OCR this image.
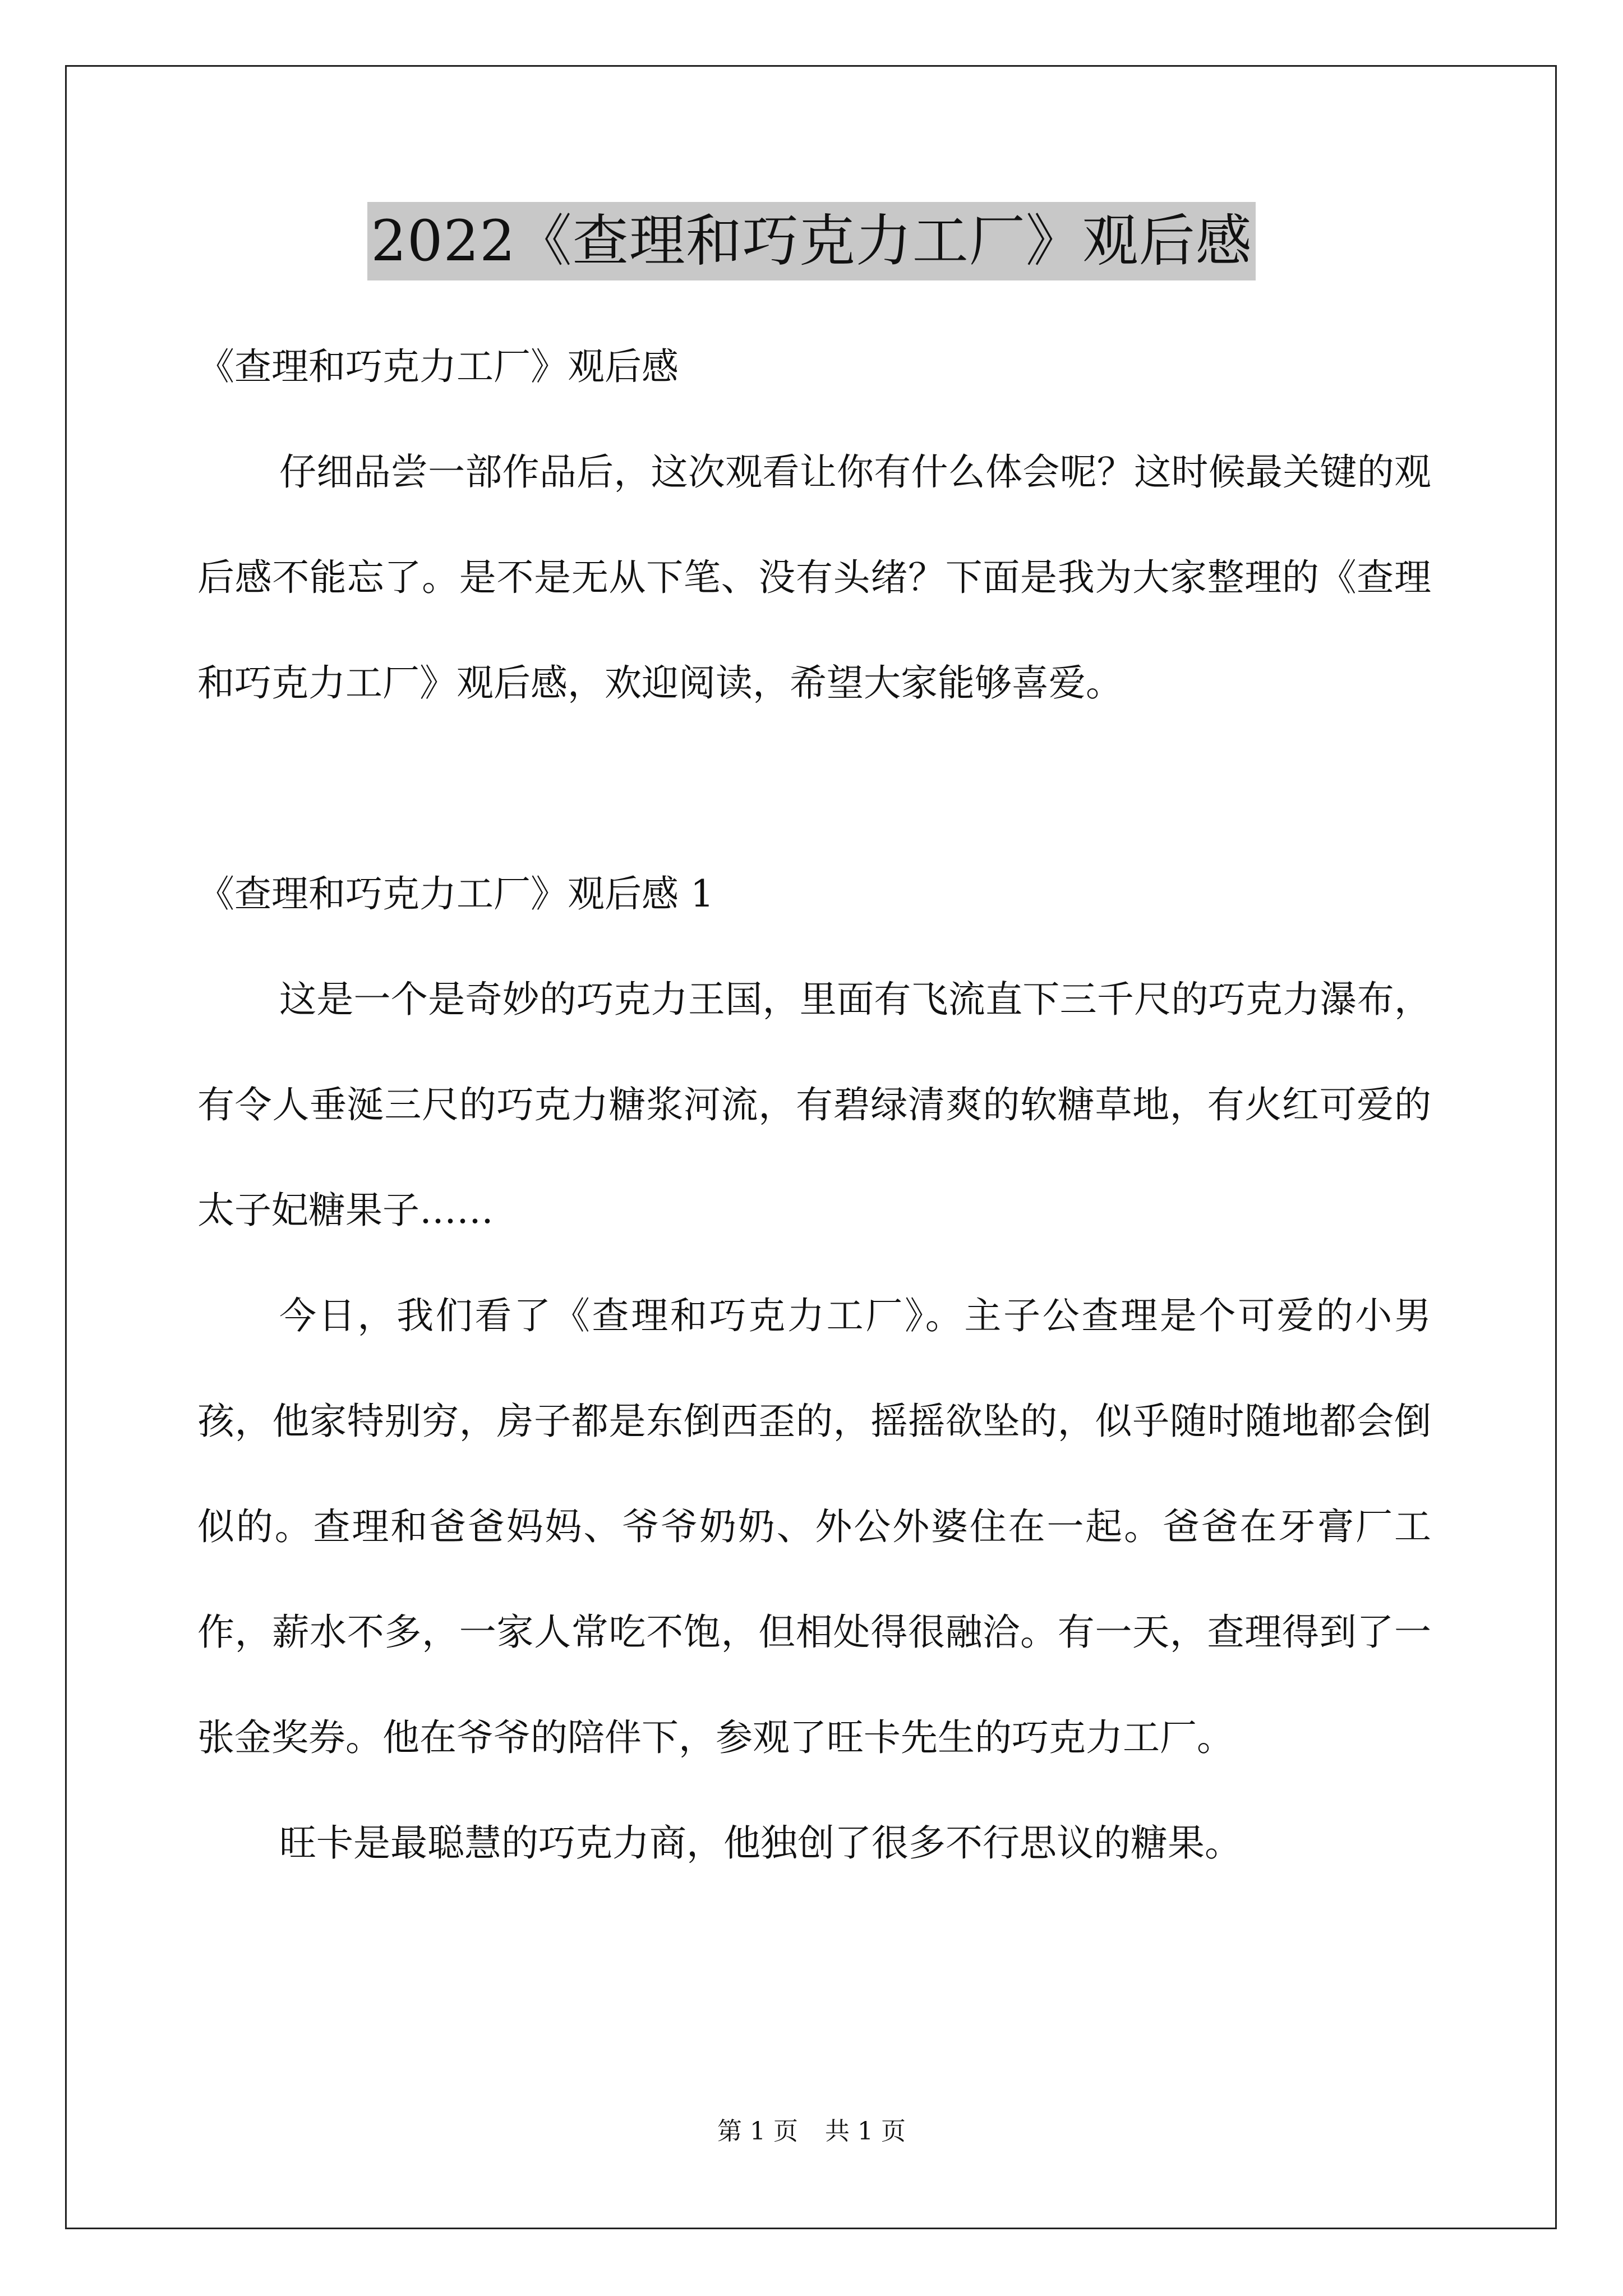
2022《查理和巧克力工厂》观后感

《查理和巧克力工厂》观后感

仔细品尝一部作品后，这次观看让你有什么体会呢？这时候最关键的观后感不能忘了。是不是无从下笔、没有头绪？下面是我为大家整理的《查理和巧克力工厂》观后感，欢迎阅读，希望大家能够喜爱。

《查理和巧克力工厂》观后感 1

这是一个是奇妙的巧克力王国，里面有飞流直下三千尺的巧克力瀑布，有令人垂涎三尺的巧克力糖浆河流，有碧绿清爽的软糖草地，有火红可爱的太子妃糖果子……

今日，我们看了《查理和巧克力工厂》。主子公查理是个可爱的小男孩，他家特别穷，房子都是东倒西歪的，摇摇欲坠的，似乎随时随地都会倒似的。查理和爸爸妈妈、爷爷奶奶、外公外婆住在一起。爸爸在牙膏厂工作，薪水不多，一家人常吃不饱，但相处得很融洽。有一天，查理得到了一张金奖券。他在爷爷的陪伴下，参观了旺卡先生的巧克力工厂。

旺卡是最聪慧的巧克力商，他独创了很多不行思议的糖果。

第 1 页 共 1 页
